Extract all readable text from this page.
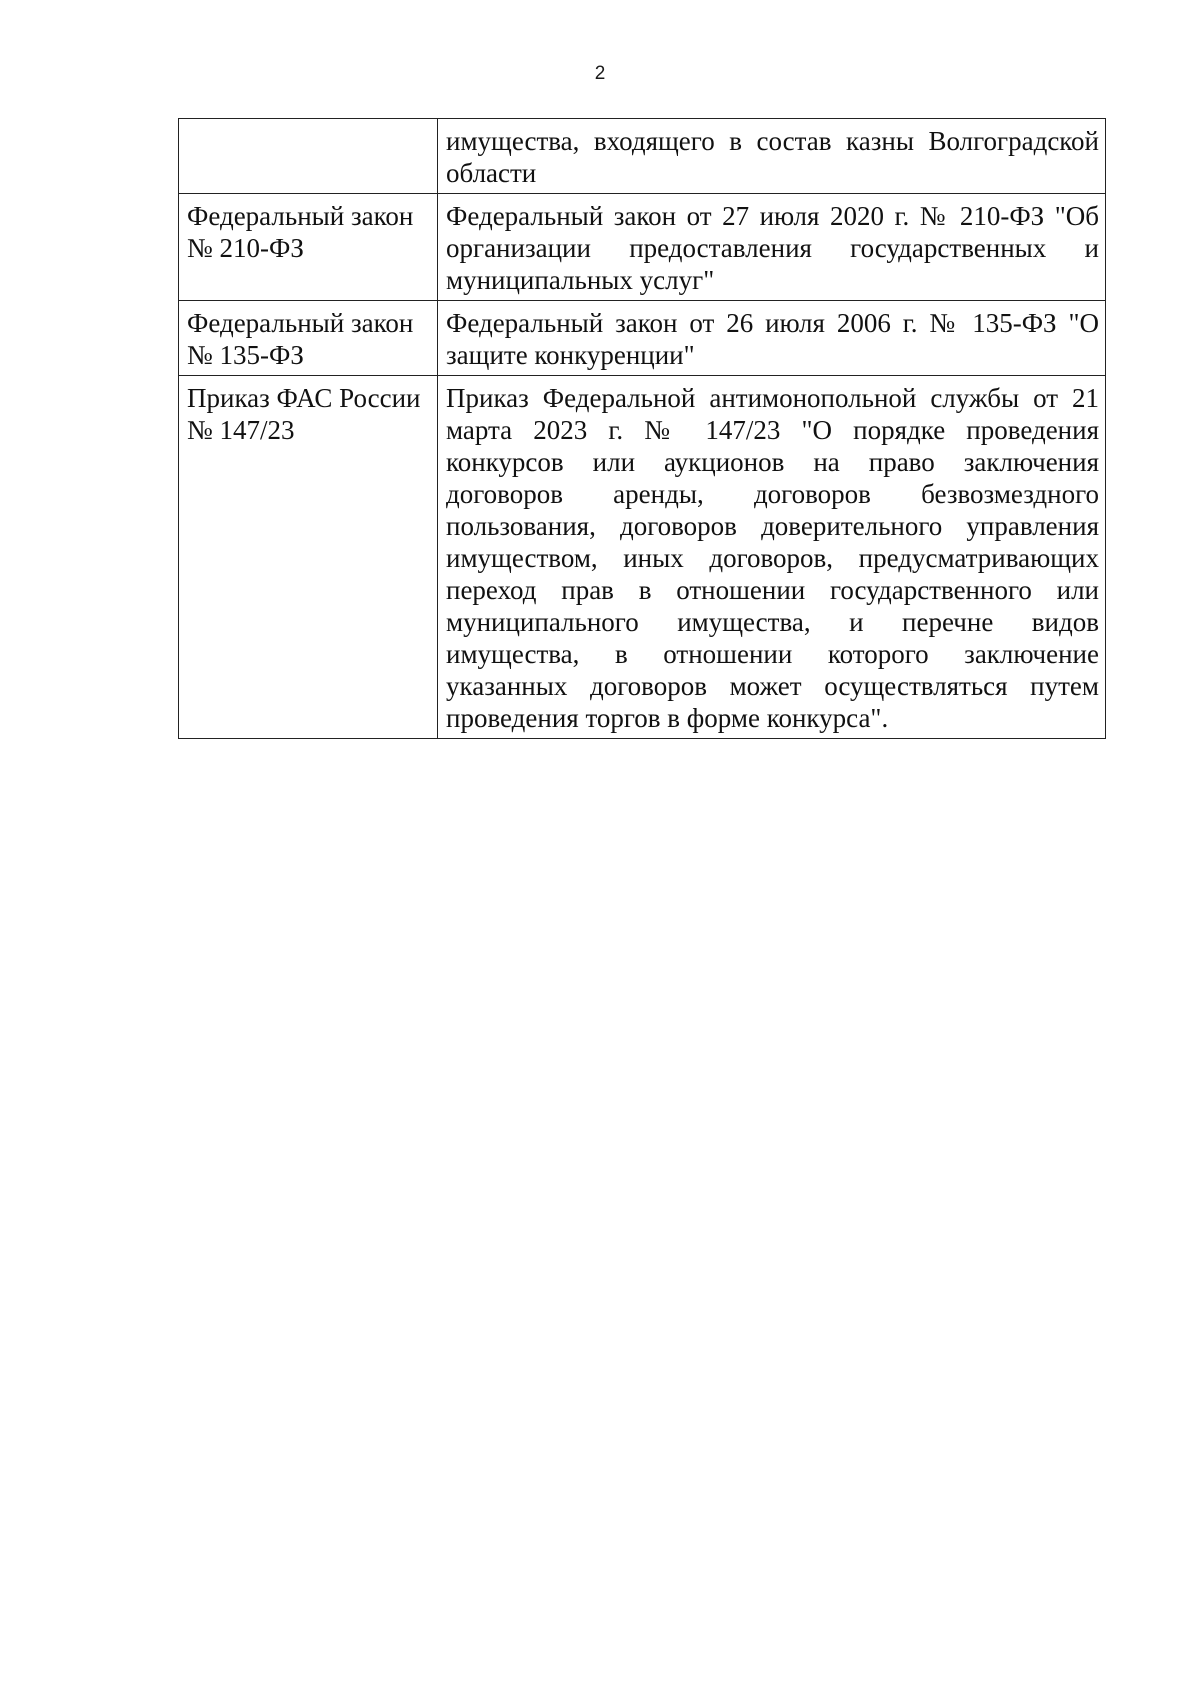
2
	имущества, входящего в состав казны Волгоградской области
Федеральный закон № 210-ФЗ	Федеральный закон от 27 июля 2020 г. № 210-ФЗ "Об организации предоставления государственных и муниципальных услуг"
Федеральный закон № 135-ФЗ	Федеральный закон от 26 июля 2006 г. № 135-ФЗ "О защите конкуренции"
Приказ ФАС России № 147/23	Приказ Федеральной антимонопольной службы от 21 марта 2023 г. № 147/23 "О порядке проведения конкурсов или аукционов на право заключения договоров аренды, договоров безвозмездного пользования, договоров доверительного управления имуществом, иных договоров, предусматривающих переход прав в отношении государственного или муниципального имущества, и перечне видов имущества, в отношении которого заключение указанных договоров может осуществляться путем проведения торгов в форме конкурса".
